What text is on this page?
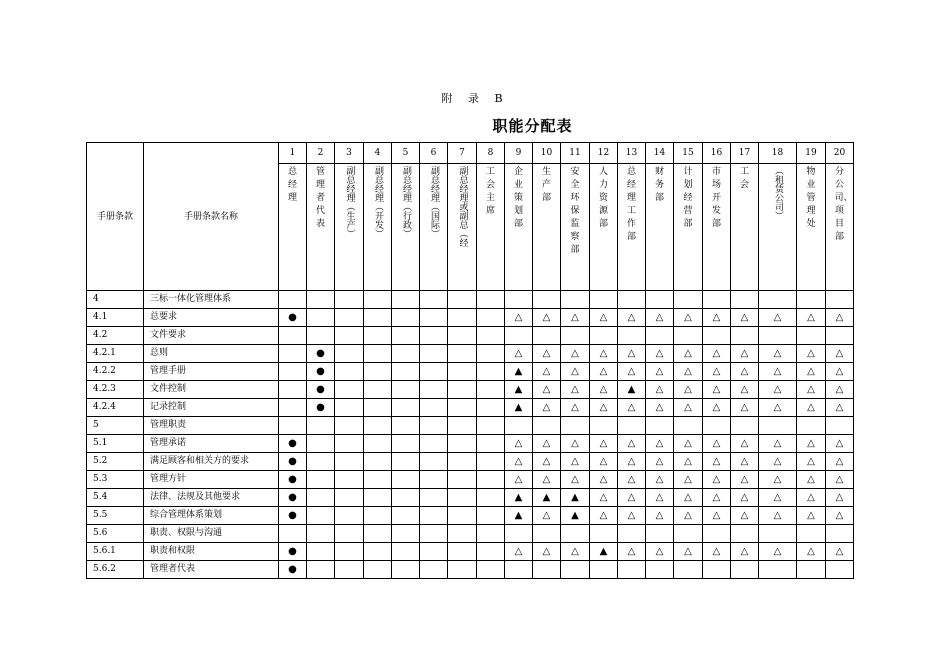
附 录 B
职能分配表
手册条款	手册条款名称	1	2	3	4	5	6	7	8	9	10	11	12	13	14	15	16	17	18	19	20

		总经理	管理者代表	副总经理（生产）	副总经理（开发）	副总经理（行政）	副总经理（国际）	副总经理或副总（经	工会主席	企业策划部	生产部	安全环保监察部	人力资源部	总经理工作部	财务部	计划经营部	市场开发部	工会	（租赁公司）	物业管理处	分公司、项目部

4	三标一体化管理体系																				
4.1	总要求	●								△	△	△	△	△	△	△	△	△	△	△	△
4.2	文件要求																				
4.2.1	总则		●							△	△	△	△	△	△	△	△	△	△	△	△
4.2.2	管理手册		●							▲	△	△	△	△	△	△	△	△	△	△	△
4.2.3	文件控制		●							▲	△	△	△	▲	△	△	△	△	△	△	△
4.2.4	记录控制		●							▲	△	△	△	△	△	△	△	△	△	△	△
5	管理职责																				
5.1	管理承诺	●								△	△	△	△	△	△	△	△	△	△	△	△
5.2	满足顾客和相关方的要求	●								△	△	△	△	△	△	△	△	△	△	△	△
5.3	管理方针	●								△	△	△	△	△	△	△	△	△	△	△	△
5.4	法律、法规及其他要求	●								▲	▲	▲	△	△	△	△	△	△	△	△	△
5.5	综合管理体系策划	●								▲	△	▲	△	△	△	△	△	△	△	△	△
5.6	职责、权限与沟通																				
5.6.1	职责和权限	●								△	△	△	▲	△	△	△	△	△	△	△	△
5.6.2	管理者代表	●																			
